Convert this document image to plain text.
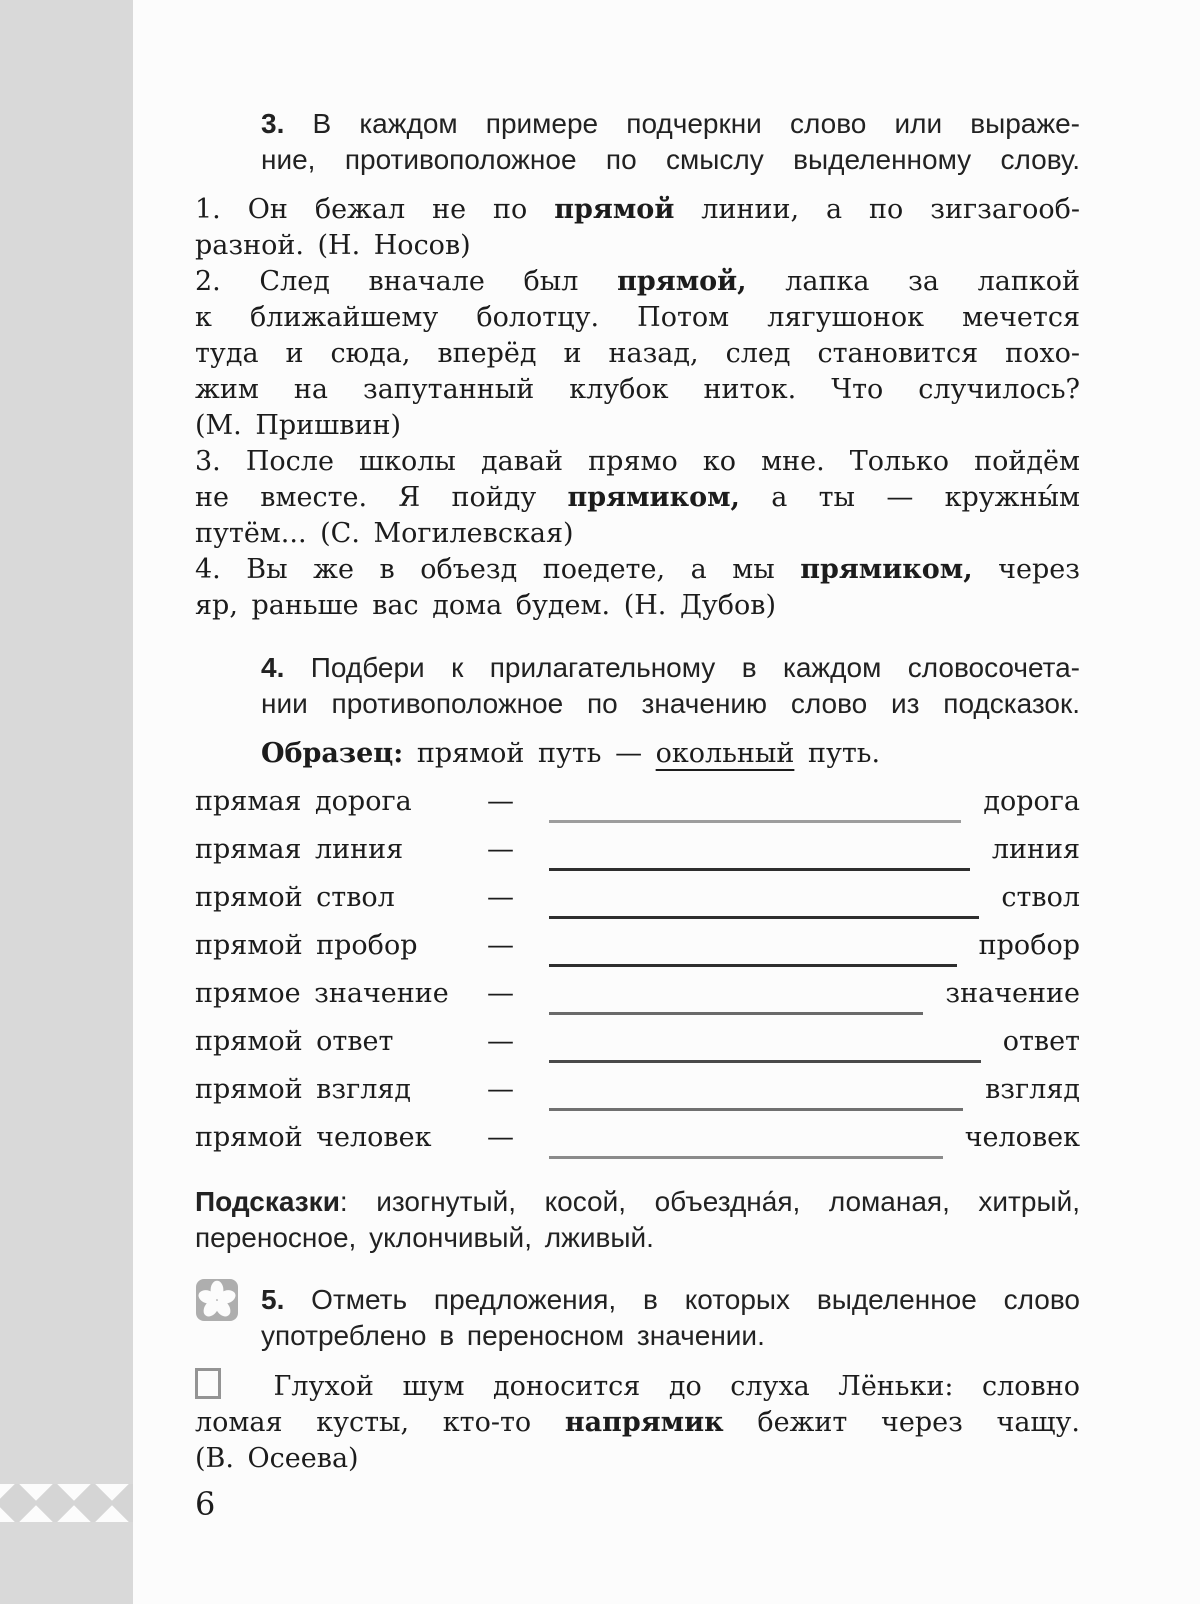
3. В каждом примере подчеркни слово или выраже-
ние, противоположное по смыслу выделенному слову.
1. Он бежал не по прямой линии, а по зигзагооб-
разной. (Н. Носов)
2. След вначале был прямой, лапка за лапкой
к ближайшему болотцу. Потом лягушонок мечется
туда и сюда, вперёд и назад, след становится похо-
жим на запутанный клубок ниток. Что случилось?
(М. Пришвин)
3. После школы давай прямо ко мне. Только пойдём
не вместе. Я пойду прямиком, а ты — кружны́м
путём... (С. Могилевская)
4. Вы же в объезд поедете, а мы прямиком, через
яр, раньше вас дома будем. (Н. Дубов)
4. Подбери к прилагательному в каждом словосочета-
нии противоположное по значению слово из подсказок.
Образец: прямой путь — окольный путь.
прямая дорога	—	дорога
прямая линия	—	линия
прямой ствол	—	ствол
прямой пробор	—	пробор
прямое значение	—	значение
прямой ответ	—	ответ
прямой взгляд	—	взгляд
прямой человек	—	человек
Подсказки: изогнутый, косой, объездна́я, ломаная, хитрый,
переносное, уклончивый, лживый.
5. Отметь предложения, в которых выделенное слово
употреблено в переносном значении.
Глухой шум доносится до слуха Лёньки: словно
ломая кусты, кто-то напрямик бежит через чащу.
(В. Осеева)
6
